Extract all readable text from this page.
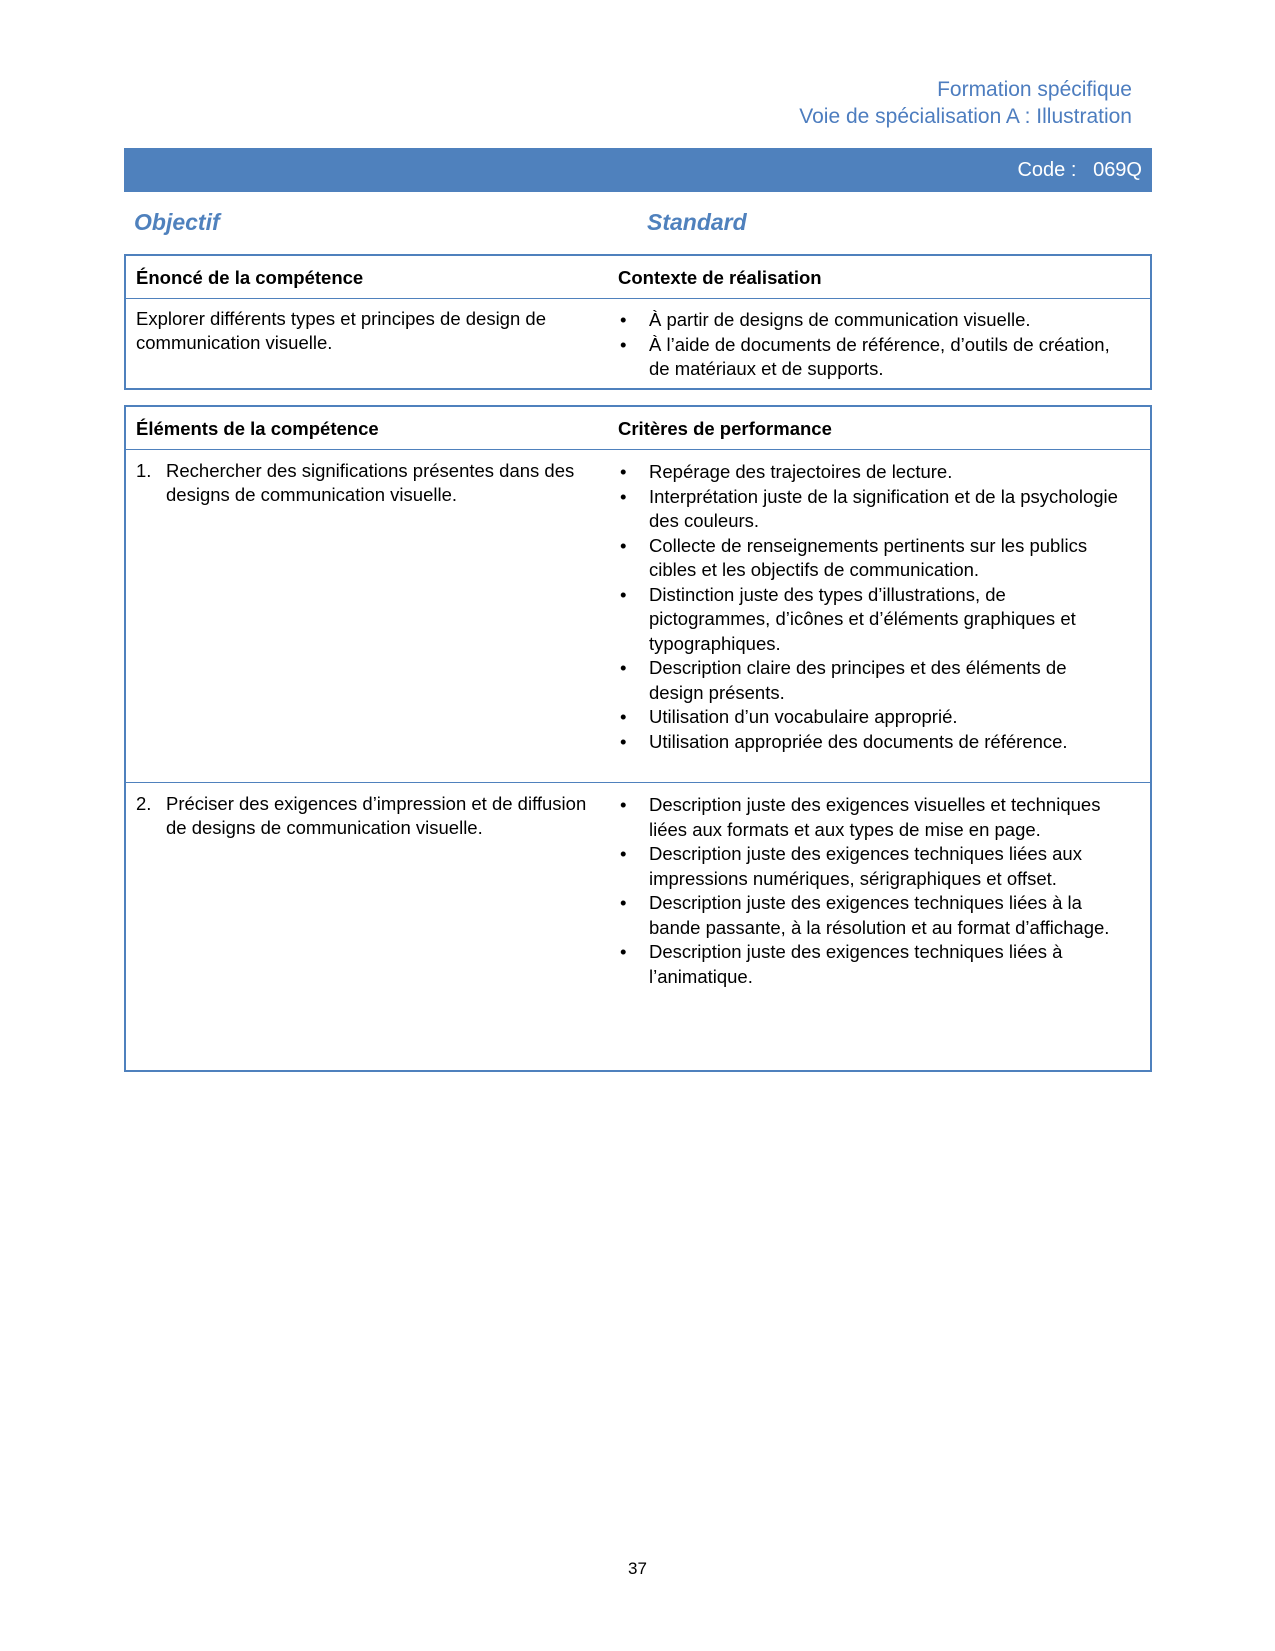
Formation spécifique
Voie de spécialisation A : Illustration
Code :   069Q
Objectif	Standard
Énoncé de la compétence	Contexte de réalisation
Explorer différents types et principes de design de communication visuelle.
• À partir de designs de communication visuelle.
• À l’aide de documents de référence, d’outils de création, de matériaux et de supports.
Éléments de la compétence	Critères de performance
1. Rechercher des significations présentes dans des designs de communication visuelle.
• Repérage des trajectoires de lecture.
• Interprétation juste de la signification et de la psychologie des couleurs.
• Collecte de renseignements pertinents sur les publics cibles et les objectifs de communication.
• Distinction juste des types d’illustrations, de pictogrammes, d’icônes et d’éléments graphiques et typographiques.
• Description claire des principes et des éléments de design présents.
• Utilisation d’un vocabulaire approprié.
• Utilisation appropriée des documents de référence.
2. Préciser des exigences d’impression et de diffusion de designs de communication visuelle.
• Description juste des exigences visuelles et techniques liées aux formats et aux types de mise en page.
• Description juste des exigences techniques liées aux impressions numériques, sérigraphiques et offset.
• Description juste des exigences techniques liées à la bande passante, à la résolution et au format d’affichage.
• Description juste des exigences techniques liées à l’animatique.
37
